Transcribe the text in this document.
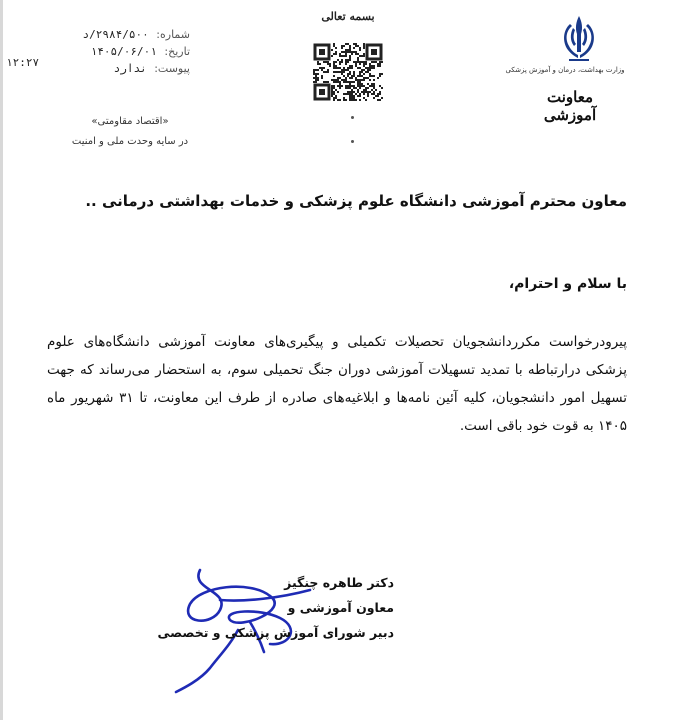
شماره: ۲۹۸۴/۵۰۰/د
تاریخ: ۱۴۰۵/۰۶/۰۱
پیوست: ندارد
۱۲:۲۷
«اقتصاد مقاومتی»
در سایه وحدت ملی و امنیت
بسمه تعالی
وزارت بهداشت، درمان و آموزش پزشکی
معاونت آموزشی
معاون محترم آموزشی دانشگاه علوم پزشکی و خدمات بهداشتی درمانی ..
با سلام و احترام،
پیرودرخواست مکرردانشجویان تحصیلات تکمیلی و پیگیری‌های معاونت آموزشی دانشگاه‌های علوم پزشکی درارتباطه با تمدید تسهیلات آموزشی دوران جنگ تحمیلی سوم، به استحضار می‌رساند که جهت تسهیل امور دانشجویان، کلیه آئین نامه‌ها و ابلاغیه‌های صادره از طرف این معاونت، تا ۳۱ شهریور ماه ۱۴۰۵ به قوت خود باقی است.
دکتر طاهره چنگیز
معاون آموزشی و
دبیر شورای آموزش پزشکی و تخصصی
